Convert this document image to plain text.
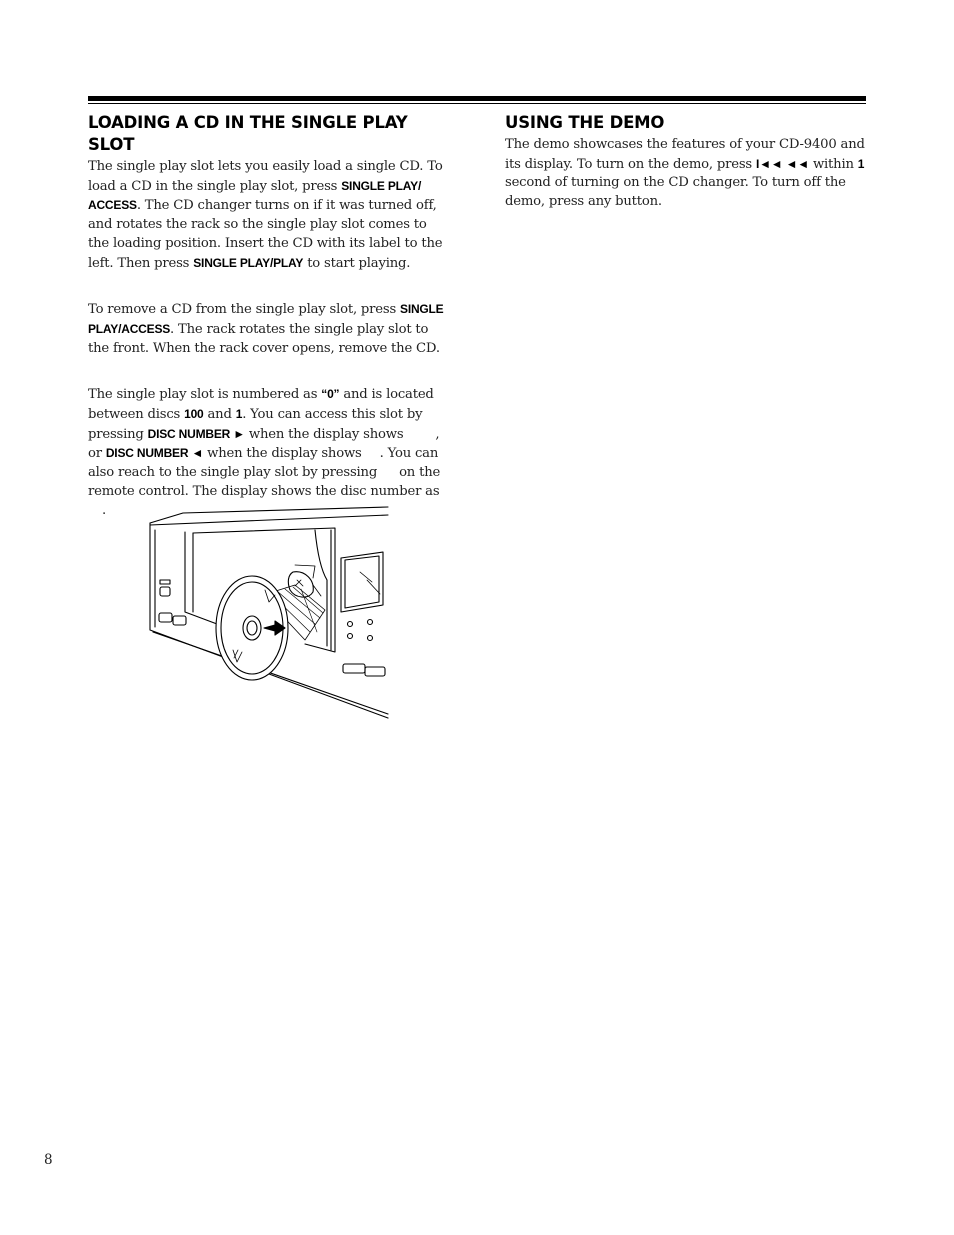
LOADING A CD IN THE SINGLE PLAY SLOT

The single play slot lets you easily load a single CD. To load a CD in the single play slot, press SINGLE PLAY/ ACCESS. The CD changer turns on if it was turned off, and rotates the rack so the single play slot comes to the loading position. Insert the CD with its label to the left. Then press SINGLE PLAY/PLAY to start playing.

To remove a CD from the single play slot, press SINGLE PLAY/ACCESS. The rack rotates the single play slot to the front. When the rack cover opens, remove the CD.

The single play slot is numbered as “0” and is located between discs 100 and 1. You can access this slot by pressing DISC NUMBER ► when the display shows , or DISC NUMBER ◄ when the display shows . You can also reach to the single play slot by pressing  on the remote control. The display shows the disc number as .

USING THE DEMO

The demo showcases the features of your CD-9400 and its display. To turn on the demo, press I◄◄ ◄◄ within 1 second of turning on the CD changer. To turn off the demo, press any button.

8
